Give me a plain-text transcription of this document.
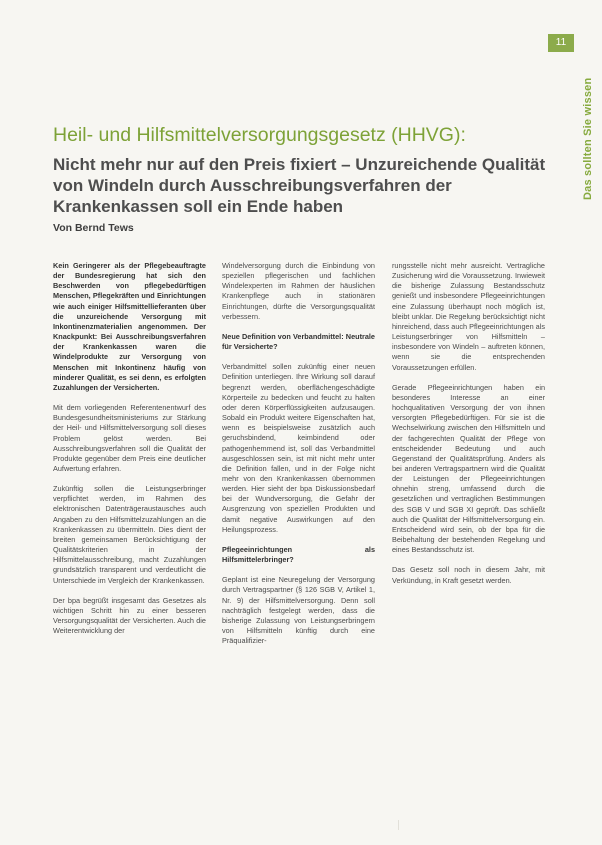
11
Das sollten Sie wissen
Heil- und Hilfsmittelversorgungsgesetz (HHVG):
Nicht mehr nur auf den Preis fixiert – Unzureichende Qualität von Windeln durch Ausschreibungsverfahren der Krankenkassen soll ein Ende haben
Von Bernd Tews

Kein Geringerer als der Pflegebeauftragte der Bundesregierung hat sich den Beschwerden von pflegebedürftigen Menschen, Pflegekräften und Einrichtungen wie auch einiger Hilfsmittellieferanten über die unzureichende Versorgung mit Inkontinenzmaterialien angenommen. Der Knackpunkt: Bei Ausschreibungsverfahren der Krankenkassen waren die Windelprodukte zur Versorgung von Menschen mit Inkontinenz häufig von minderer Qualität, es sei denn, es erfolgten Zuzahlungen der Versicherten.

Mit dem vorliegenden Referentenentwurf des Bundesgesundheitsministeriums zur Stärkung der Heil- und Hilfsmittelversorgung soll dieses Problem gelöst werden. Bei Ausschreibungsverfahren soll die Qualität der Produkte gegenüber dem Preis eine deutlicher Aufwertung erfahren.

Zukünftig sollen die Leistungserbringer verpflichtet werden, im Rahmen des elektronischen Datenträgeraustausches auch Angaben zu den Hilfsmittelzuzahlungen an die Krankenkassen zu übermitteln. Dies dient der breiten gemeinsamen Berücksichtigung der Qualitätskriterien in der Hilfsmittelausschreibung, macht Zuzahlungen grundsätzlich transparent und verdeutlicht die Unterschiede im Vergleich der Krankenkassen.

Der bpa begrüßt insgesamt das Gesetzes als wichtigen Schritt hin zu einer besseren Versorgungsqualität der Versicherten. Auch die Weiterentwicklung der

Windelversorgung durch die Einbindung von speziellen pflegerischen und fachlichen Windelexperten im Rahmen der häuslichen Krankenpflege auch in stationären Einrichtungen, dürfte die Versorgungsqualität verbessern.

Neue Definition von Verbandmittel: Neutrale für Versicherte?

Verbandmittel sollen zukünftig einer neuen Definition unterliegen. Ihre Wirkung soll darauf begrenzt werden, oberflächengeschädigte Körperteile zu bedecken und feucht zu halten oder deren Körperflüssigkeiten aufzusaugen. Sobald ein Produkt weitere Eigenschaften hat, wenn es beispielsweise zusätzlich auch geruchsbindend, keimbindend oder pathogenhemmend ist, soll das Verbandmittel ausgeschlossen sein, ist mit nicht mehr unter die Definition fallen, und in der Folge nicht mehr von den Krankenkassen übernommen werden. Hier sieht der bpa Diskussionsbedarf bei der Wundversorgung, die Gefahr der Ausgrenzung von speziellen Produkten und damit negative Auswirkungen auf den Heilungsprozess.

Pflegeeinrichtungen als Hilfsmittelerbringer?

Geplant ist eine Neuregelung der Versorgung durch Vertragspartner (§ 126 SGB V, Artikel 1, Nr. 9) der Hilfsmittelversorgung. Denn soll nachträglich festgelegt werden, dass die bisherige Zulassung von Leistungserbringern von Hilfsmitteln künftig durch eine Präqualifizier-

rungsstelle nicht mehr ausreicht. Vertragliche Zusicherung wird die Voraussetzung. Inwieweit die bisherige Zulassung Bestandsschutz genießt und insbesondere Pflegeeinrichtungen eine Zulassung überhaupt noch möglich ist, bleibt unklar. Die Regelung berücksichtigt nicht hinreichend, dass auch Pflegeeinrichtungen als Leistungserbringer von Hilfsmitteln – insbesondere von Windeln – auftreten können, wenn sie die entsprechenden Voraussetzungen erfüllen.

Gerade Pflegeeinrichtungen haben ein besonderes Interesse an einer hochqualitativen Versorgung der von ihnen versorgten Pflegebedürftigen. Für sie ist die Wechselwirkung zwischen den Hilfsmitteln und der fachgerechten Qualität der Pflege von entscheidender Bedeutung und auch Gegenstand der Qualitätsprüfung. Anders als bei anderen Vertragspartnern wird die Qualität der Leistungen der Pflegeeinrichtungen ohnehin streng, umfassend durch die gesetzlichen und vertraglichen Bestimmungen des SGB V und SGB XI geprüft. Das schließt auch die Qualität der Hilfsmittelversorgung ein. Entscheidend wird sein, ob der bpa für die Beibehaltung der bestehenden Regelung und eines Bestandsschutz ist.

Das Gesetz soll noch in diesem Jahr, mit Verkündung, in Kraft gesetzt werden.
